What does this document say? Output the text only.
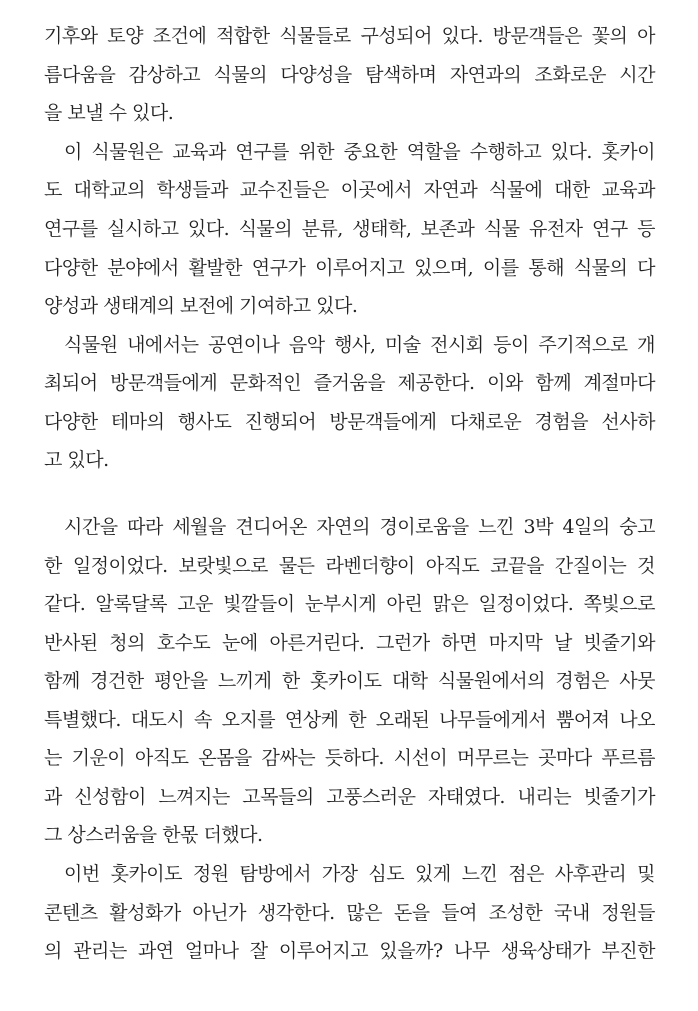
기후와 토양 조건에 적합한 식물들로 구성되어 있다. 방문객들은 꽃의 아
름다움을 감상하고 식물의 다양성을 탐색하며 자연과의 조화로운 시간
을 보낼 수 있다.
이 식물원은 교육과 연구를 위한 중요한 역할을 수행하고 있다. 홋카이
도 대학교의 학생들과 교수진들은 이곳에서 자연과 식물에 대한 교육과
연구를 실시하고 있다. 식물의 분류, 생태학, 보존과 식물 유전자 연구 등
다양한 분야에서 활발한 연구가 이루어지고 있으며, 이를 통해 식물의 다
양성과 생태계의 보전에 기여하고 있다.
식물원 내에서는 공연이나 음악 행사, 미술 전시회 등이 주기적으로 개
최되어 방문객들에게 문화적인 즐거움을 제공한다. 이와 함께 계절마다
다양한 테마의 행사도 진행되어 방문객들에게 다채로운 경험을 선사하
고 있다.
시간을 따라 세월을 견디어온 자연의 경이로움을 느낀 3박 4일의 숭고
한 일정이었다. 보랏빛으로 물든 라벤더향이 아직도 코끝을 간질이는 것
같다. 알록달록 고운 빛깔들이 눈부시게 아린 맑은 일정이었다. 쪽빛으로
반사된 청의 호수도 눈에 아른거린다. 그런가 하면 마지막 날 빗줄기와
함께 경건한 평안을 느끼게 한 홋카이도 대학 식물원에서의 경험은 사뭇
특별했다. 대도시 속 오지를 연상케 한 오래된 나무들에게서 뿜어져 나오
는 기운이 아직도 온몸을 감싸는 듯하다. 시선이 머무르는 곳마다 푸르름
과 신성함이 느껴지는 고목들의 고풍스러운 자태였다. 내리는 빗줄기가
그 상스러움을 한몫 더했다.
이번 홋카이도 정원 탐방에서 가장 심도 있게 느낀 점은 사후관리 및
콘텐츠 활성화가 아닌가 생각한다. 많은 돈을 들여 조성한 국내 정원들
의 관리는 과연 얼마나 잘 이루어지고 있을까? 나무 생육상태가 부진한
